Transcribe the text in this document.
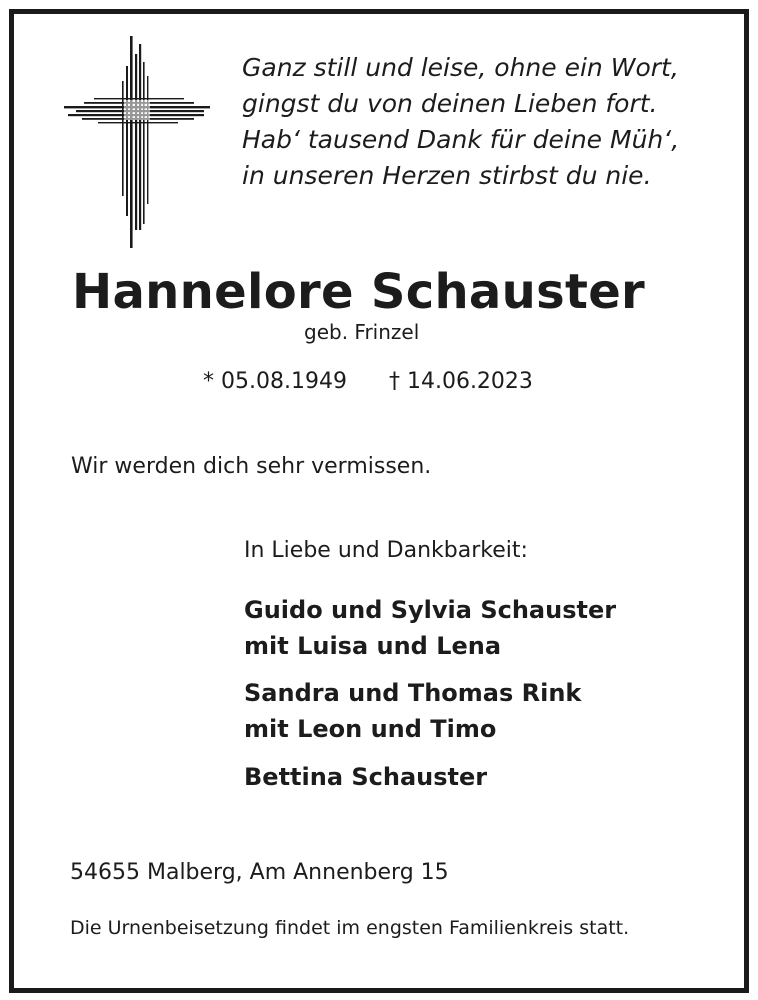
Ganz still und leise, ohne ein Wort,
gingst du von deinen Lieben fort.
Hab‘ tausend Dank für deine Müh‘,
in unseren Herzen stirbst du nie.
Hannelore Schauster
geb. Frinzel
* 05.08.1949 † 14.06.2023
Wir werden dich sehr vermissen.
In Liebe und Dankbarkeit:
Guido und Sylvia Schauster
mit Luisa und Lena
Sandra und Thomas Rink
mit Leon und Timo
Bettina Schauster
54655 Malberg, Am Annenberg 15
Die Urnenbeisetzung findet im engsten Familienkreis statt.
